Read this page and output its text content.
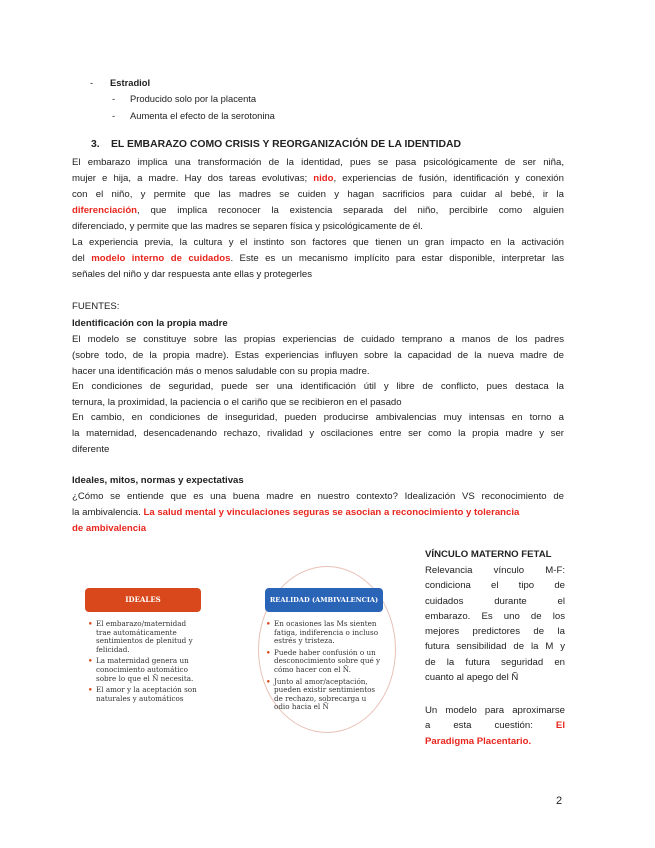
- Estradiol
- Producido solo por la placenta
- Aumenta el efecto de la serotonina
3. EL EMBARAZO COMO CRISIS Y REORGANIZACIÓN DE LA IDENTIDAD
El embarazo implica una transformación de la identidad, pues se pasa psicológicamente de ser niña,
mujer e hija, a madre. Hay dos tareas evolutivas; nido, experiencias de fusión, identificación y conexión
con el niño, y permite que las madres se cuiden y hagan sacrificios para cuidar al bebé, ir la
diferenciación, que implica reconocer la existencia separada del niño, percibirle como alguien
diferenciado, y permite que las madres se separen física y psicológicamente de él.
La experiencia previa, la cultura y el instinto son factores que tienen un gran impacto en la activación
del modelo interno de cuidados. Este es un mecanismo implícito para estar disponible, interpretar las
señales del niño y dar respuesta ante ellas y protegerles
FUENTES:
Identificación con la propia madre
El modelo se constituye sobre las propias experiencias de cuidado temprano a manos de los padres
(sobre todo, de la propia madre). Estas experiencias influyen sobre la capacidad de la nueva madre de
hacer una identificación más o menos saludable con su propia madre.
En condiciones de seguridad, puede ser una identificación útil y libre de conflicto, pues destaca la
ternura, la proximidad, la paciencia o el cariño que se recibieron en el pasado
En cambio, en condiciones de inseguridad, pueden producirse ambivalencias muy intensas en torno a
la maternidad, desencadenando rechazo, rivalidad y oscilaciones entre ser como la propia madre y ser
diferente
Ideales, mitos, normas y expectativas
¿Cómo se entiende que es una buena madre en nuestro contexto? Idealización VS reconocimiento de
la ambivalencia. La salud mental y vinculaciones seguras se asocian a reconocimiento y tolerancia
de ambivalencia
IDEALES
• El embarazo/maternidad trae automáticamente sentimientos de plenitud y felicidad.
• La maternidad genera un conocimiento automático sobre lo que el Ñ necesita.
• El amor y la aceptación son naturales y automáticos
REALIDAD (AMBIVALENCIA)
• En ocasiones las Ms sienten fatiga, indiferencia o incluso estrés y tristeza.
• Puede haber confusión o un desconocimiento sobre qué y cómo hacer con el Ñ.
• Junto al amor/aceptación, pueden existir sentimientos de rechazo, sobrecarga u odio hacia el Ñ
VÍNCULO MATERNO FETAL
Relevancia vínculo M-F:
condiciona el tipo de
cuidados durante el
embarazo. Es uno de los
mejores predictores de la
futura sensibilidad de la M y
de la futura seguridad en
cuanto al apego del Ñ
Un modelo para aproximarse
a esta cuestión: El
Paradigma Placentario.
2
